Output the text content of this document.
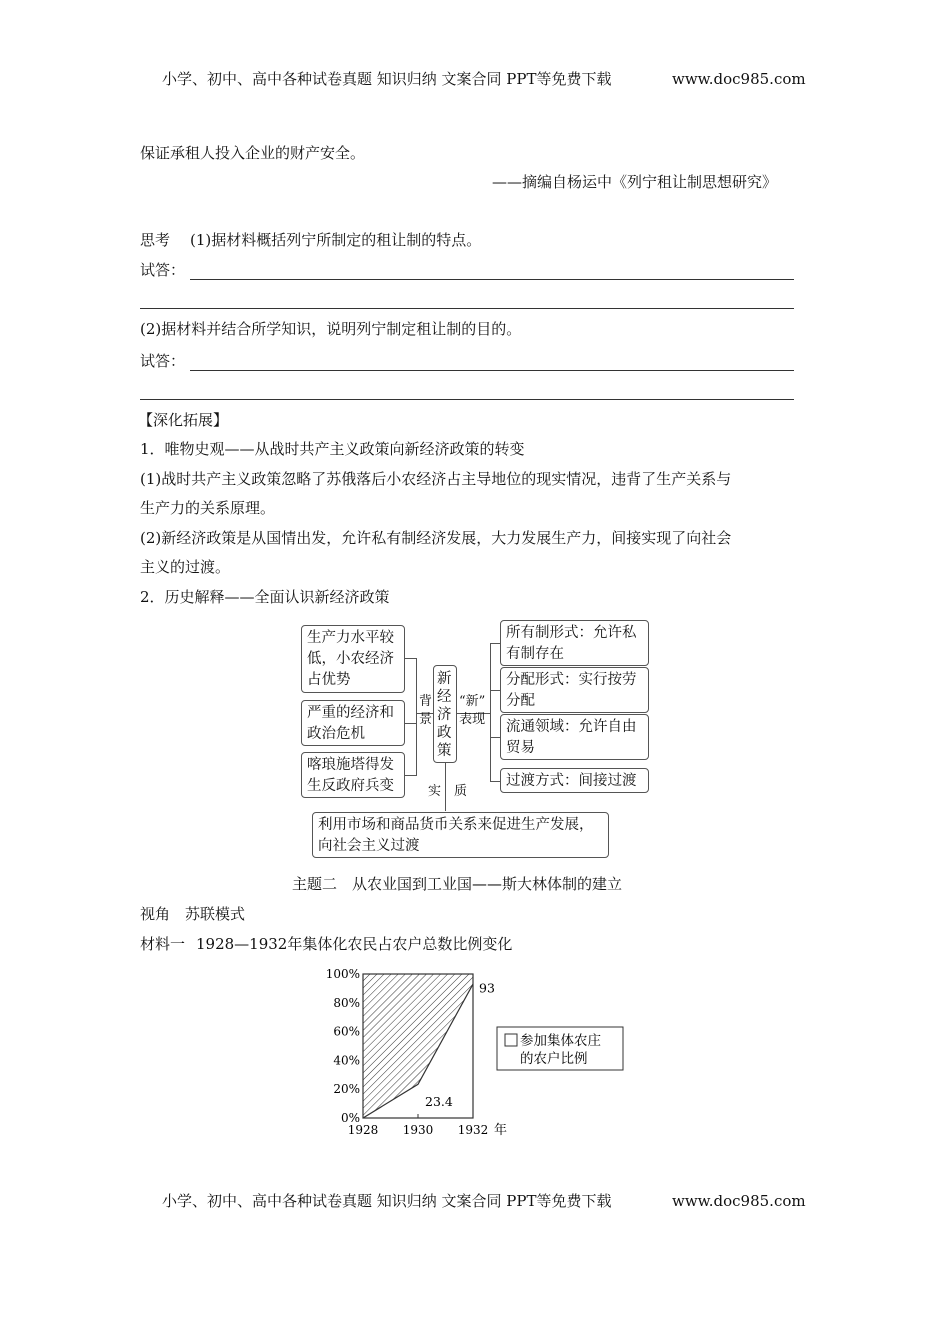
小学、初中、高中各种试卷真题 知识归纳 文案合同 PPT等免费下载	www.doc985.com
保证承租人投入企业的财产安全。
——摘编自杨运中《列宁租让制思想研究》
思考 (1)据材料概括列宁所制定的租让制的特点。
试答：
(2)据材料并结合所学知识，说明列宁制定租让制的目的。
试答：
【深化拓展】
1．唯物史观——从战时共产主义政策向新经济政策的转变
(1)战时共产主义政策忽略了苏俄落后小农经济占主导地位的现实情况，违背了生产关系与
生产力的关系原理。
(2)新经济政策是从国情出发，允许私有制经济发展，大力发展生产力，间接实现了向社会
主义的过渡。
2．历史解释——全面认识新经济政策
生产力水平较低，小农经济占优势
严重的经济和政治危机
喀琅施塔得发生反政府兵变
背
景
新经济政策
“新”
表现
所有制形式：允许私有制存在
分配形式：实行按劳分配
流通领域：允许自由贸易
过渡方式：间接过渡
实　质
利用市场和商品货币关系来促进生产发展，向社会主义过渡
主题二　从农业国到工业国——斯大林体制的建立
视角　苏联模式
材料一 1928—1932年集体化农民占农户总数比例变化
0%
20%
40%
60%
80%
100%
1928 1930 1932 年
23.4
93
参加集体农庄
的农户比例
小学、初中、高中各种试卷真题 知识归纳 文案合同 PPT等免费下载	www.doc985.com
